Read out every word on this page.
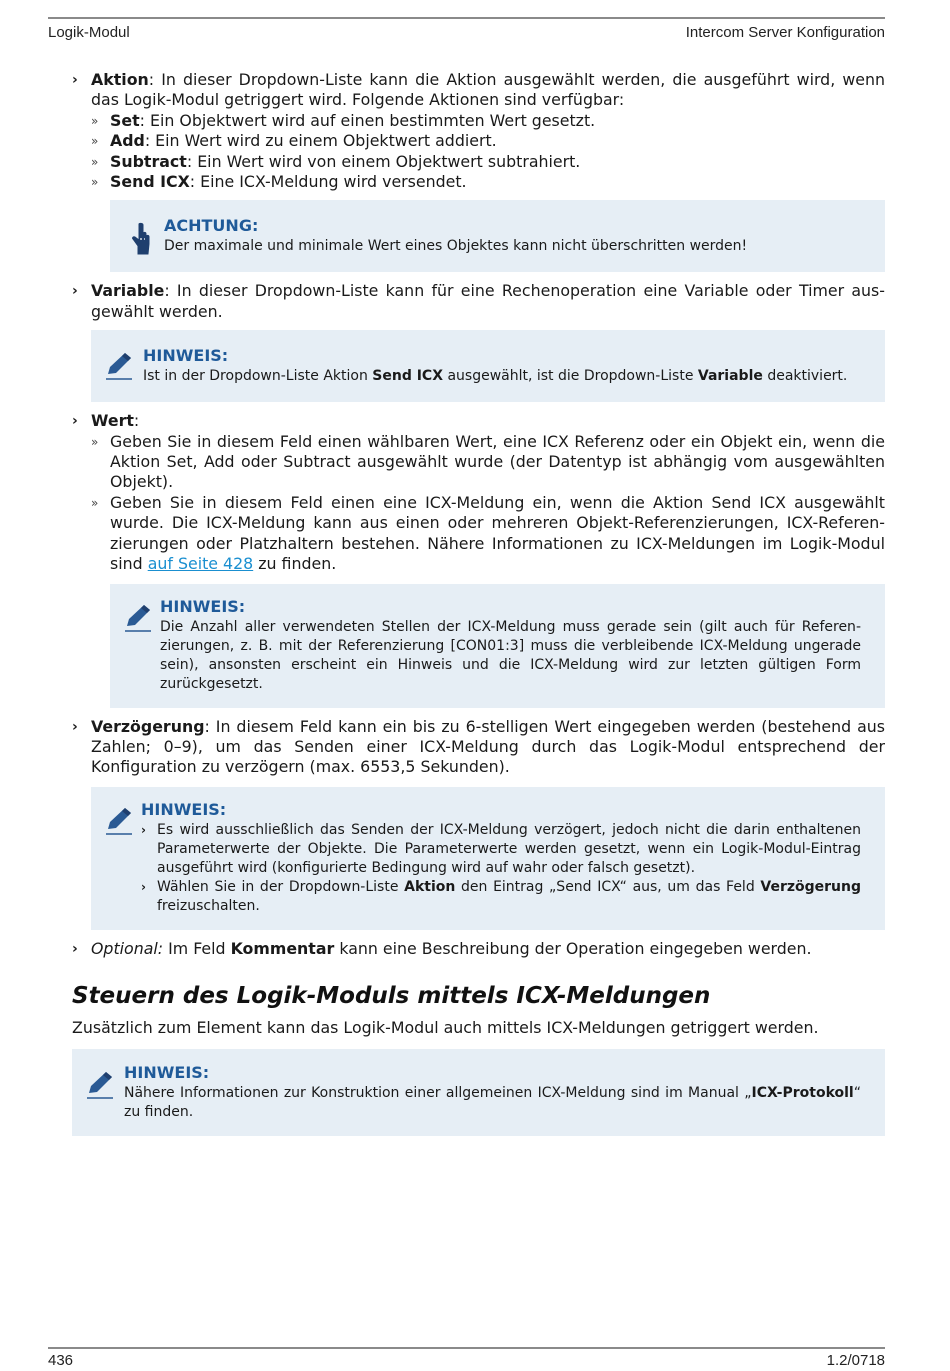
Logik-Modul	Intercom Server Konfiguration
› Aktion: In dieser Dropdown-Liste kann die Aktion ausgewählt werden, die ausgeführt wird, wenn das Logik-Modul getriggert wird. Folgende Aktionen sind verfügbar:
» Set: Ein Objektwert wird auf einen bestimmten Wert gesetzt.
» Add: Ein Wert wird zu einem Objektwert addiert.
» Subtract: Ein Wert wird von einem Objektwert subtrahiert.
» Send ICX: Eine ICX-Meldung wird versendet.
ACHTUNG:
Der maximale und minimale Wert eines Objektes kann nicht überschritten werden!
› Variable: In dieser Dropdown-Liste kann für eine Rechenoperation eine Variable oder Timer ausgewählt werden.
HINWEIS:
Ist in der Dropdown-Liste Aktion Send ICX ausgewählt, ist die Dropdown-Liste Variable deaktiviert.
› Wert:
» Geben Sie in diesem Feld einen wählbaren Wert, eine ICX Referenz oder ein Objekt ein, wenn die Aktion Set, Add oder Subtract ausgewählt wurde (der Datentyp ist abhängig vom ausgewählten Objekt).
» Geben Sie in diesem Feld einen eine ICX-Meldung ein, wenn die Aktion Send ICX ausgewählt wurde. Die ICX-Meldung kann aus einen oder mehreren Objekt-Referenzierungen, ICX-Referenzierungen oder Platzhaltern bestehen. Nähere Informationen zu ICX-Meldungen im Logik-Modul sind auf Seite 428 zu finden.
HINWEIS:
Die Anzahl aller verwendeten Stellen der ICX-Meldung muss gerade sein (gilt auch für Referenzierungen, z. B. mit der Referenzierung [CON01:3] muss die verbleibende ICX-Meldung ungerade sein), ansonsten erscheint ein Hinweis und die ICX-Meldung wird zur letzten gültigen Form zurückgesetzt.
› Verzögerung: In diesem Feld kann ein bis zu 6-stelligen Wert eingegeben werden (bestehend aus Zahlen; 0–9), um das Senden einer ICX-Meldung durch das Logik-Modul entsprechend der Konfiguration zu verzögern (max. 6553,5 Sekunden).
HINWEIS:
› Es wird ausschließlich das Senden der ICX-Meldung verzögert, jedoch nicht die darin enthaltenen Parameterwerte der Objekte. Die Parameterwerte werden gesetzt, wenn ein Logik-Modul-Eintrag ausgeführt wird (konfigurierte Bedingung wird auf wahr oder falsch gesetzt).
› Wählen Sie in der Dropdown-Liste Aktion den Eintrag „Send ICX“ aus, um das Feld Verzögerung freizuschalten.
› Optional: Im Feld Kommentar kann eine Beschreibung der Operation eingegeben werden.
Steuern des Logik-Moduls mittels ICX-Meldungen
Zusätzlich zum Element kann das Logik-Modul auch mittels ICX-Meldungen getriggert werden.
HINWEIS:
Nähere Informationen zur Konstruktion einer allgemeinen ICX-Meldung sind im Manual „ICX-Protokoll“ zu finden.
436	1.2/0718
